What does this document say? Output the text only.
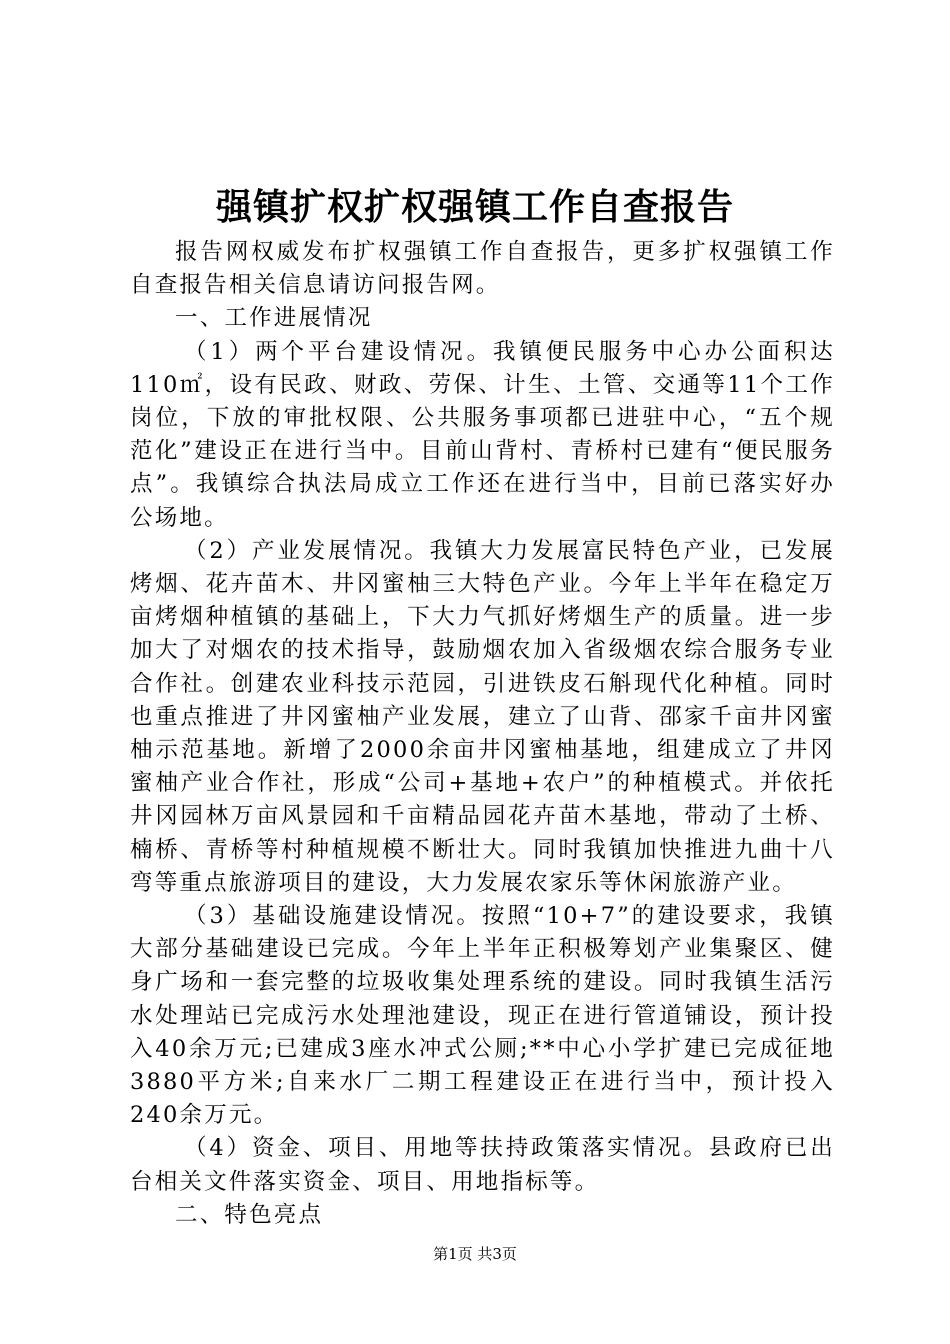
强镇扩权扩权强镇工作自查报告

报告网权威发布扩权强镇工作自查报告，更多扩权强镇工作自查报告相关信息请访问报告网。

一、工作进展情况

（1）两个平台建设情况。我镇便民服务中心办公面积达110㎡，设有民政、财政、劳保、计生、土管、交通等11个工作岗位，下放的审批权限、公共服务事项都已进驻中心，“五个规范化”建设正在进行当中。目前山背村、青桥村已建有“便民服务点”。我镇综合执法局成立工作还在进行当中，目前已落实好办公场地。

（2）产业发展情况。我镇大力发展富民特色产业，已发展烤烟、花卉苗木、井冈蜜柚三大特色产业。今年上半年在稳定万亩烤烟种植镇的基础上，下大力气抓好烤烟生产的质量。进一步加大了对烟农的技术指导，鼓励烟农加入省级烟农综合服务专业合作社。创建农业科技示范园，引进铁皮石斛现代化种植。同时也重点推进了井冈蜜柚产业发展，建立了山背、邵家千亩井冈蜜柚示范基地。新增了2000余亩井冈蜜柚基地，组建成立了井冈蜜柚产业合作社，形成“公司+基地+农户”的种植模式。并依托井冈园林万亩风景园和千亩精品园花卉苗木基地，带动了土桥、楠桥、青桥等村种植规模不断壮大。同时我镇加快推进九曲十八弯等重点旅游项目的建设，大力发展农家乐等休闲旅游产业。

（3）基础设施建设情况。按照“10+7”的建设要求，我镇大部分基础建设已完成。今年上半年正积极筹划产业集聚区、健身广场和一套完整的垃圾收集处理系统的建设。同时我镇生活污水处理站已完成污水处理池建设，现正在进行管道铺设，预计投入40余万元;已建成3座水冲式公厕;**中心小学扩建已完成征地3880平方米;自来水厂二期工程建设正在进行当中，预计投入240余万元。

（4）资金、项目、用地等扶持政策落实情况。县政府已出台相关文件落实资金、项目、用地指标等。

二、特色亮点

第1页 共3页
